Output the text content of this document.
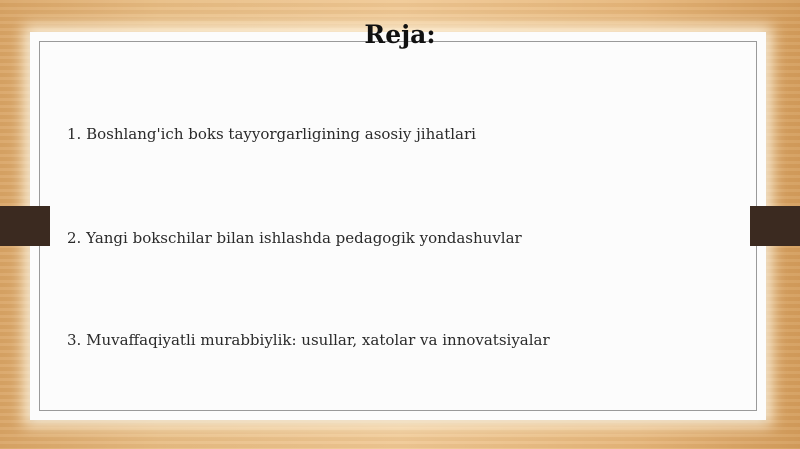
Reja:
1. Boshlang'ich boks tayyorgarligining asosiy jihatlari
2. Yangi bokschilar bilan ishlashda pedagogik yondashuvlar
3. Muvaffaqiyatli murabbiylik: usullar, xatolar va innovatsiyalar
